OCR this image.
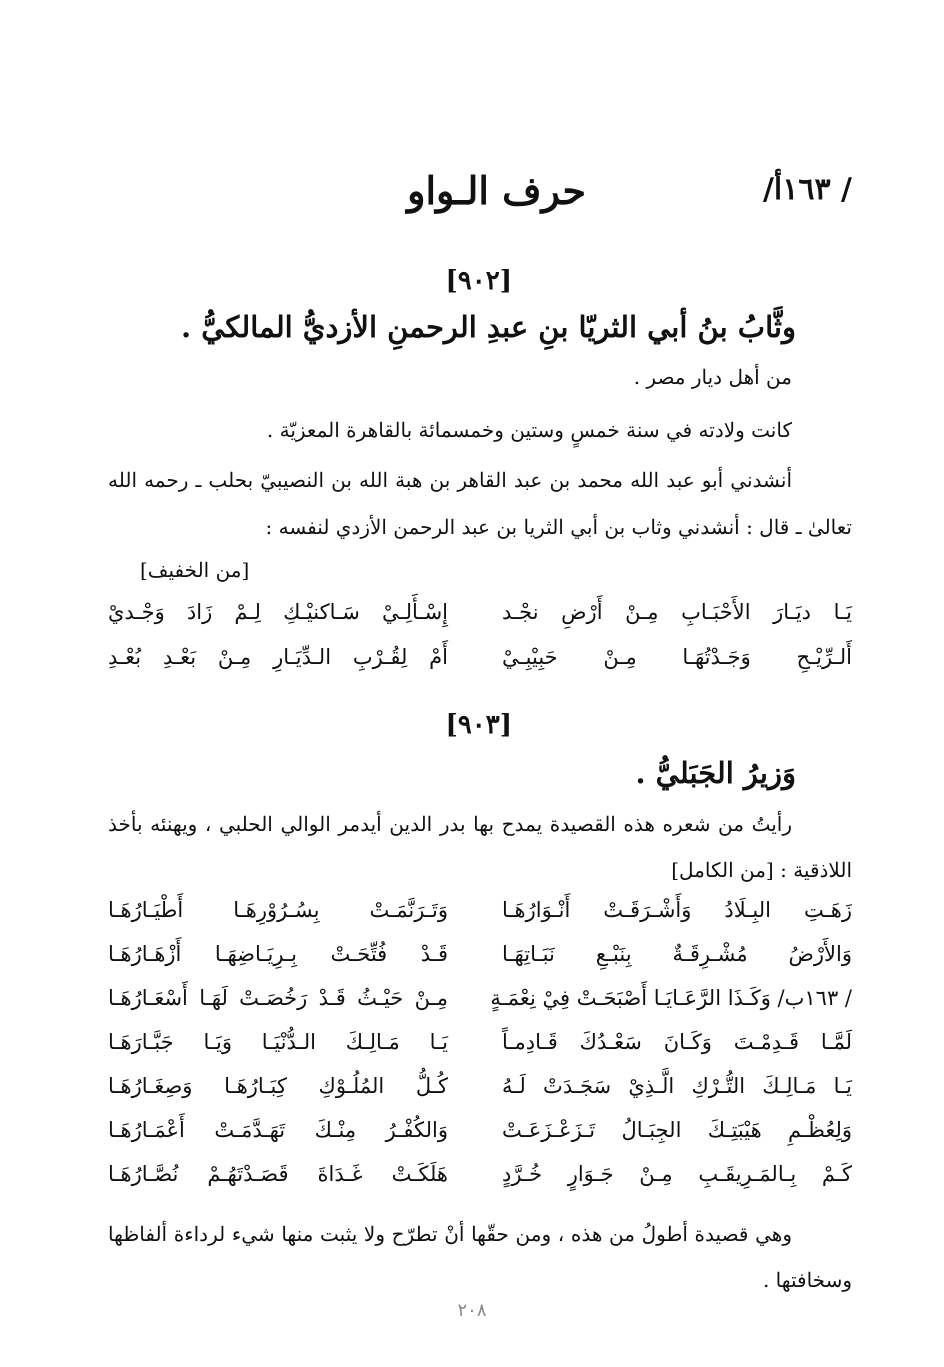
/ ١٦٣أ/
حرف الـواو
[٩٠٢]
وثَّابُ بنُ أبي الثريّا بنِ عبدِ الرحمنِ الأزديُّ المالكيُّ .
من أهل ديار مصر .
كانت ولادته في سنة خمسٍ وستين وخمسمائة بالقاهرة المعزيّة .
أنشدني أبو عبد الله محمد بن عبد القاهر بن هبة الله بن النصيبيّ بحلب ـ رحمه الله
تعالىٰ ـ قال : أنشدني وثاب بن أبي الثريا بن عبد الرحمن الأزدي لنفسه :
[من الخفيف]
يَـا ديَـارَ الأَحْبَـابِ مِـنْ أَرْضِ نجْـد
إِسْـأَلِـيْ سَـاكنيْـكِ لِـمْ زَادَ وَجْـديْ
أَلـرِّيْـحِ وَجَـدْتُهَـا مِـنْ حَبِيْبِـيْ
أَمْ لِقُـرْبِ الـدِّيَـارِ مِـنْ بَعْـدِ بُعْـدِ
[٩٠٣]
وَزيرُ الجَبَليُّ .
رأيتُ من شعره هذه القصيدة يمدح بها بدر الدين أيدمر الوالي الحلبي ، ويهنئه بأخذ
اللاذقية : [من الكامل]
زَهَـتِ البِـلَادُ وَأَشْـرَقَـتْ أَنْـوَارُهَـا
وَتَـرَنَّمَـتْ بِسُـرُوْرِهَـا أَطْيَـارُهَـا
وَالأَرْضُ مُشْـرِقَـةٌ بِنَبْـعِ نَبَـاتِهَـا
قَـدْ فُتِّحَـتْ بِـرِيَـاضِهَـا أَزْهَـارُهَـا
/ ١٦٣ب/ وَكَـذَا الرَّعَـايَـا أَصْبَحَـتْ فِيْ نِعْمَـةٍ
مِـنْ حَيْـثُ قَـدْ رَخُصَـتْ لَهَـا أَسْعَـارُهَـا
لَمَّـا قَـدِمْـتَ وَكَـانَ سَعْـدُكَ قَـادِمـاً
يَـا مَـالِـكَ الـدُّنْيَـا وَيَـا جَبَّـارَهَـا
يَـا مَـالِـكَ التُّـرْكِ الَّـذِيْ سَجَـدَتْ لَـهُ
كُـلُّ المُلُـوْكِ كِبَـارُهَـا وَصِغَـارُهَـا
وَلِعُظْـمِ هَيْبَتِـكَ الجِبَـالُ تَـزَعْـزَعَـتْ
وَالكُفْـرُ مِنْـكَ تَهَـدَّمَـتْ أَعْمَـارُهَـا
كَـمْ بِـالمَـرِيقَـبِ مِـنْ جَـوَارٍ خُـرَّدٍ
هَلَكَـتْ غَـدَاةَ قَصَـدْتَهُـمْ نُصَّـارُهَـا
وهي قصيدة أطولُ من هذه ، ومن حقّها أنْ تطرّح ولا يثبت منها شيء لرداءة ألفاظها
وسخافتها .
٢٠٨
